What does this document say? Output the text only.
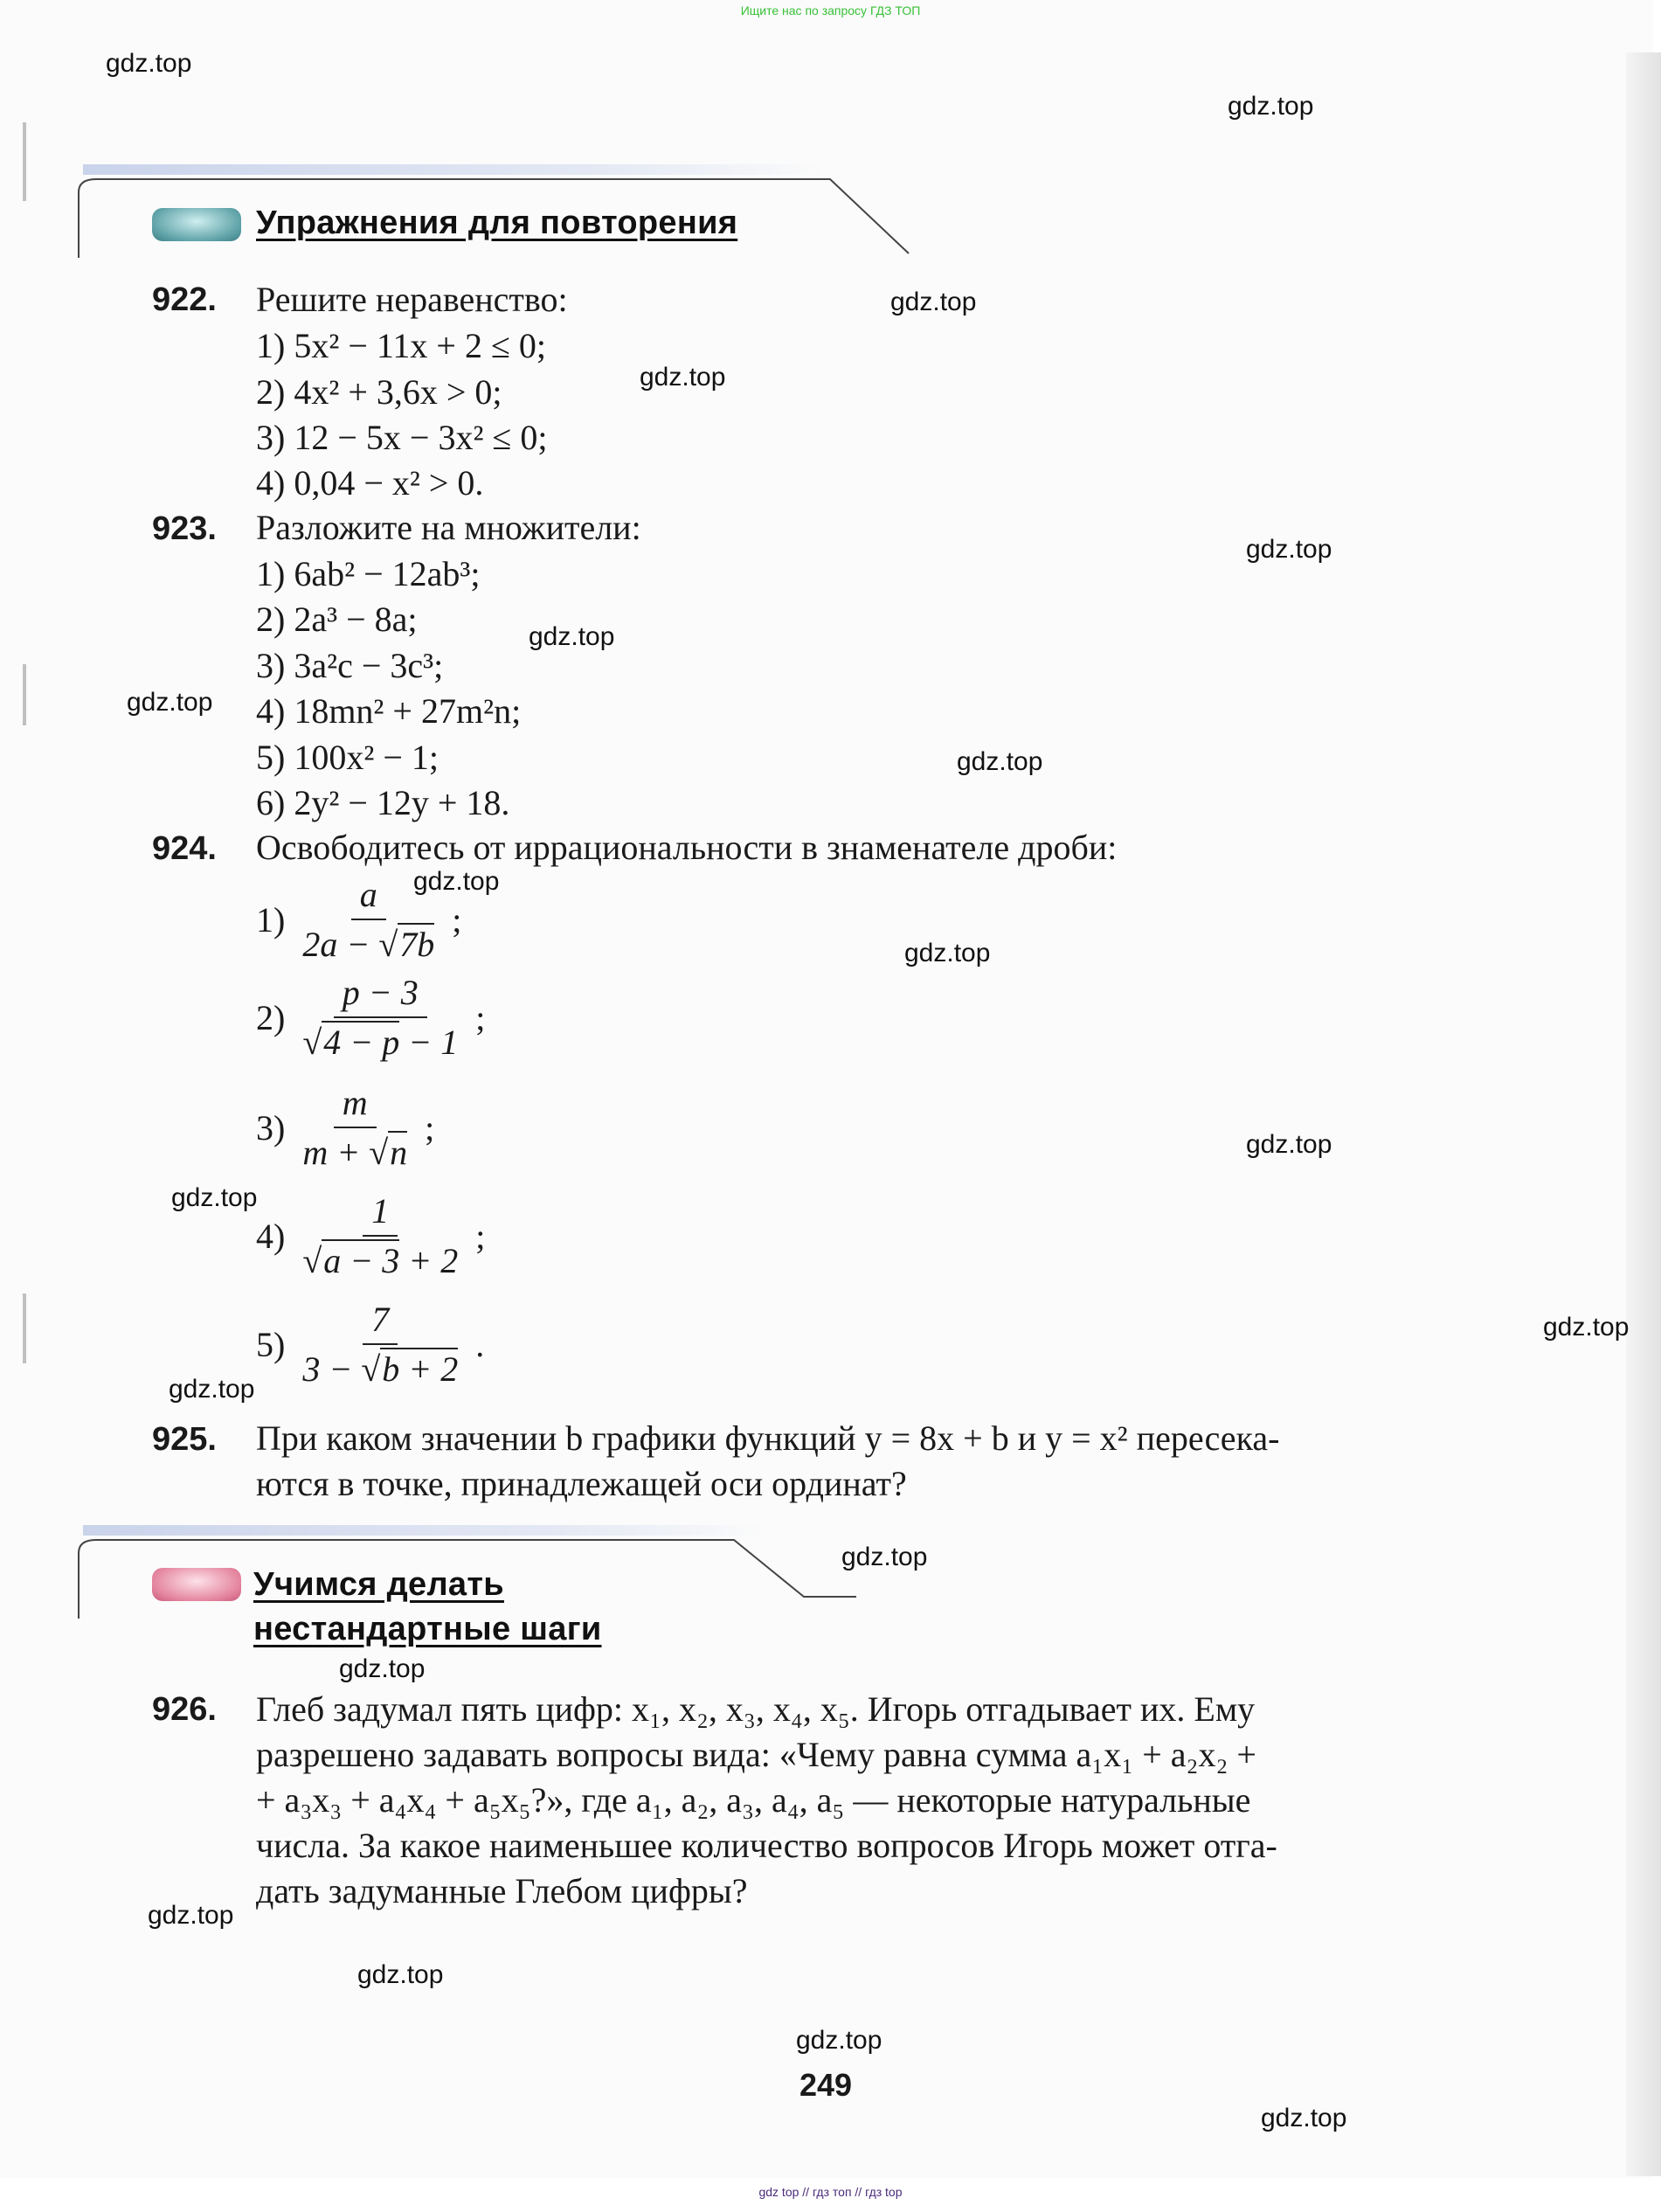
Ищите нас по запросу ГДЗ ТОП
gdz top // гдз топ // гдз top
Упражнения для повторения
922. Решите неравенство:
1) 5x² − 11x + 2 ≤ 0;
2) 4x² + 3,6x > 0;
3) 12 − 5x − 3x² ≤ 0;
4) 0,04 − x² > 0.
923. Разложите на множители:
1) 6ab² − 12ab³;
2) 2a³ − 8a;
3) 3a²c − 3c³;
4) 18mn² + 27m²n;
5) 100x² − 1;
6) 2y² − 12y + 18.
924. Освободитесь от иррациональности в знаменателе дроби:
$1) \frac{a}{2a - √7b}$ ;
$2) \frac{p - 3}{√4 - p - 1}$ ;
$3) \frac{m}{m + √n}$ ;
$4) \frac{1}{√a - 3 + 2}$ ;
$5) \frac{7}{3 - √b + 2}$ .
925. При каком значении b графики функций y = 8x + b и y = x² пересека-
ются в точке, принадлежащей оси ординат?
Учимся делать
нестандартные шаги
926. Глеб задумал пять цифр: x₁, x₂, x₃, x₄, x₅. Игорь отгадывает их. Ему
разрешено задавать вопросы вида: «Чему равна сумма a₁x₁ + a₂x₂ +
+ a₃x₃ + a₄x₄ + a₅x₅?», где a₁, a₂, a₃, a₄, a₅ — некоторые натуральные
числа. За какое наименьшее количество вопросов Игорь может отга-
дать задуманные Глебом цифры?
249
gdz.top
gdz.top
gdz.top
gdz.top
gdz.top
gdz.top
gdz.top
gdz.top
gdz.top
gdz.top
gdz.top
gdz.top
gdz.top
gdz.top
gdz.top
gdz.top
gdz.top
gdz.top
gdz.top
gdz.top
